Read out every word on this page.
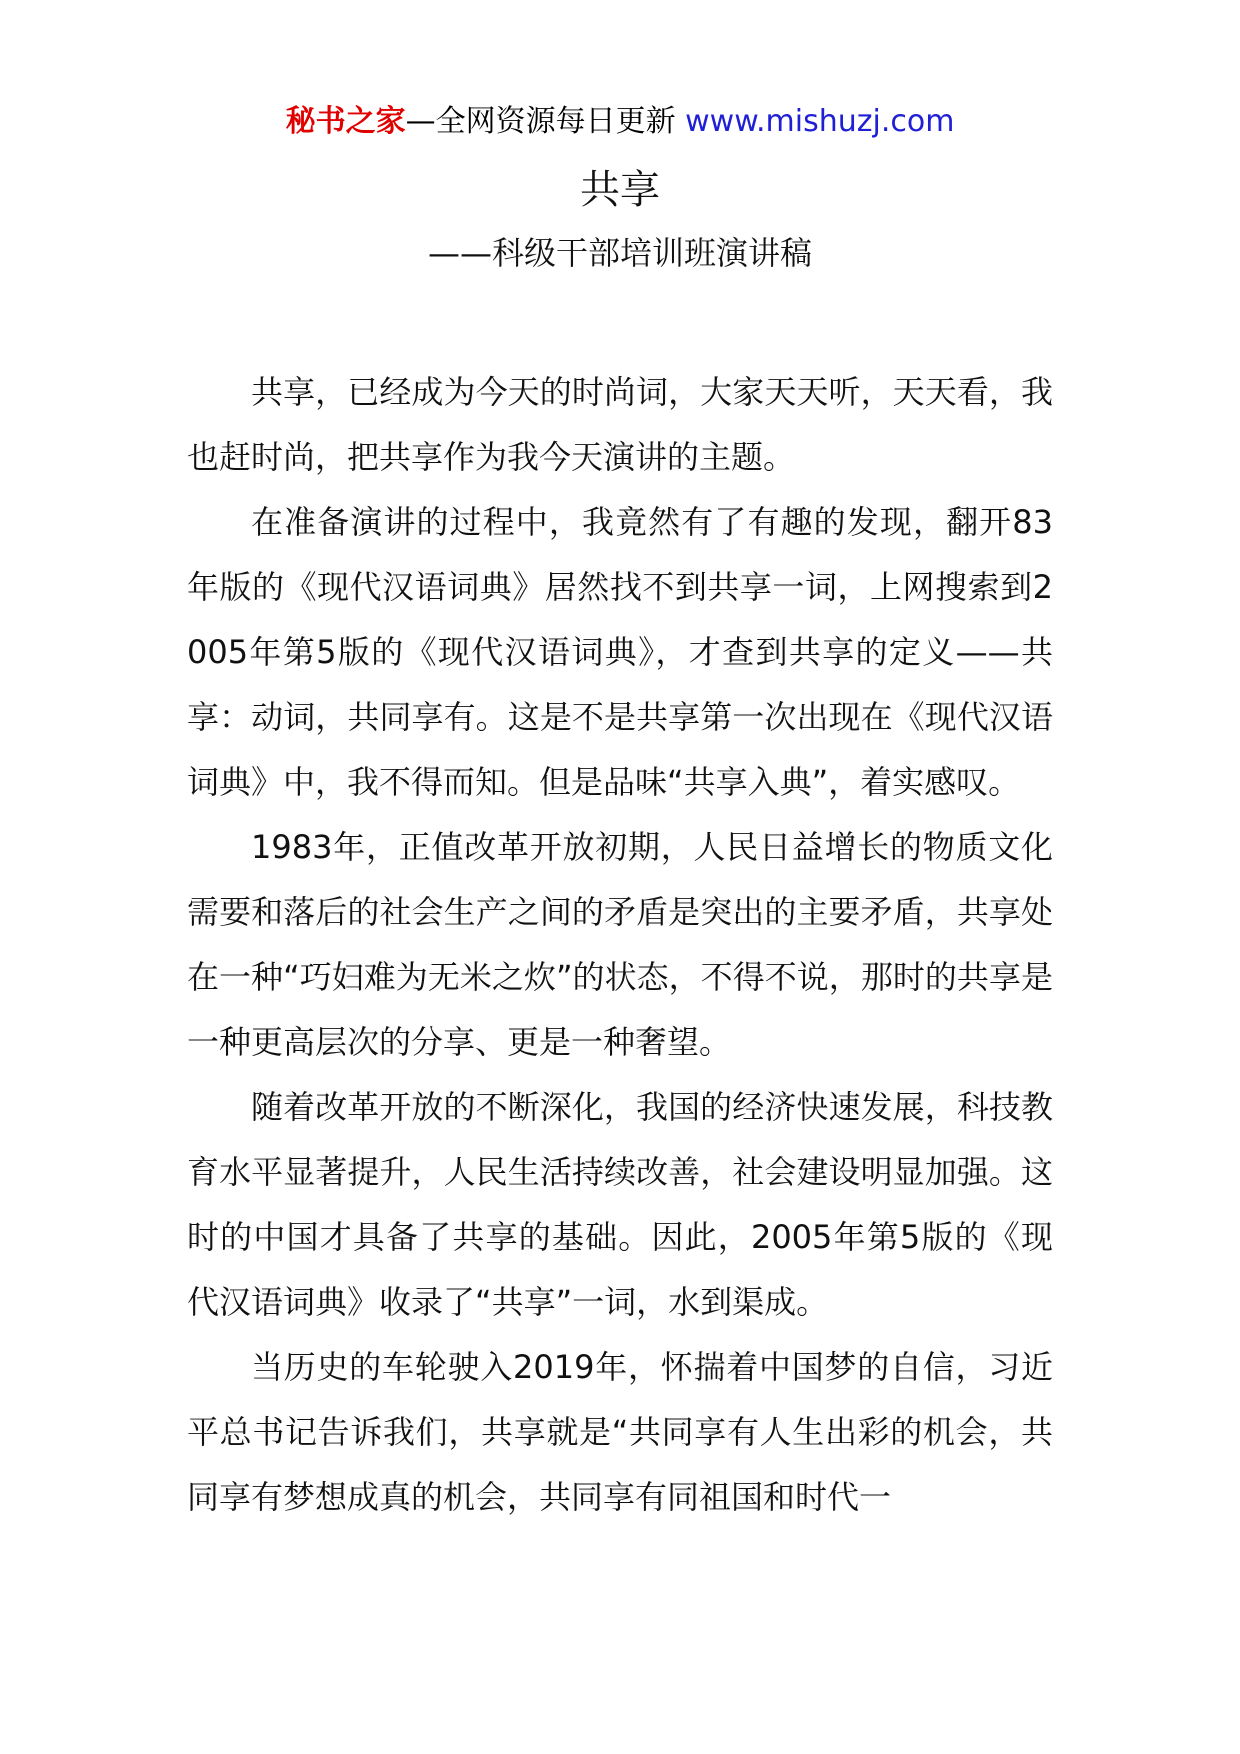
秘书之家—全网资源每日更新 www.mishuzj.com
共享
——科级干部培训班演讲稿

共享，已经成为今天的时尚词，大家天天听，天天看，我也赶时尚，把共享作为我今天演讲的主题。

在准备演讲的过程中，我竟然有了有趣的发现，翻开83年版的《现代汉语词典》居然找不到共享一词，上网搜索到2005年第5版的《现代汉语词典》，才查到共享的定义——共享：动词，共同享有。这是不是共享第一次出现在《现代汉语词典》中，我不得而知。但是品味“共享入典”，着实感叹。

1983年，正值改革开放初期，人民日益增长的物质文化需要和落后的社会生产之间的矛盾是突出的主要矛盾，共享处在一种“巧妇难为无米之炊”的状态，不得不说，那时的共享是一种更高层次的分享、更是一种奢望。

随着改革开放的不断深化，我国的经济快速发展，科技教育水平显著提升，人民生活持续改善，社会建设明显加强。这时的中国才具备了共享的基础。因此，2005年第5版的《现代汉语词典》收录了“共享”一词，水到渠成。

当历史的车轮驶入2019年，怀揣着中国梦的自信，习近平总书记告诉我们，共享就是“共同享有人生出彩的机会，共同享有梦想成真的机会，共同享有同祖国和时代一
